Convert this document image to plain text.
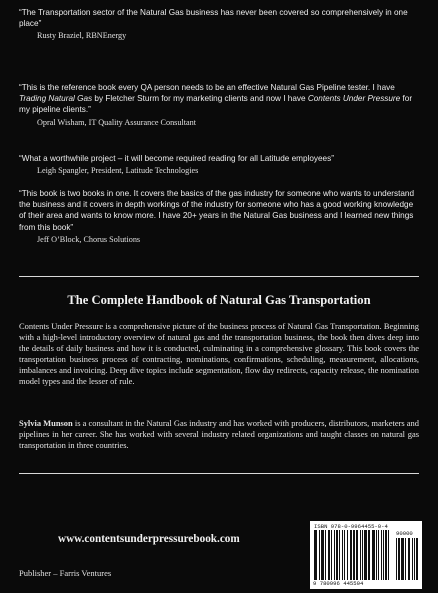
“The Transportation sector of the Natural Gas business has never been covered so comprehensively in one place”

Rusty Braziel, RBNEnergy

“This is the reference book every QA person needs to be an effective Natural Gas Pipeline tester. I have Trading Natural Gas by Fletcher Sturm for my marketing clients and now I have Contents Under Pressure for my pipeline clients.”

Opral Wisham, IT Quality Assurance Consultant

“What a worthwhile project – it will become required reading for all Latitude employees”

Leigh Spangler, President, Latitude Technologies

“This book is two books in one. It covers the basics of the gas industry for someone who wants to understand the business and it covers in depth workings of the industry for someone who has a good working knowledge of their area and wants to know more. I have 20+ years in the Natural Gas business and I learned new things from this book”

Jeff O’Block, Chorus Solutions

The Complete Handbook of Natural Gas Transportation

Contents Under Pressure is a comprehensive picture of the business process of Natural Gas Transportation. Beginning with a high-level introductory overview of natural gas and the transportation business, the book then dives deep into the details of daily business and how it is conducted, culminating in a comprehensive glossary. This book covers the transportation business process of contracting, nominations, confirmations, scheduling, measurement, allocations, imbalances and invoicing. Deep dive topics include segmentation, flow day redirects, capacity release, the nomination model types and the lesser of rule.

Sylvia Munson is a consultant in the Natural Gas industry and has worked with producers, distributors, marketers and pipelines in her career. She has worked with several industry related organizations and taught classes on natural gas transportation in three countries.

www.contentsunderpressurebook.com

Publisher – Farris Ventures

ISBN 978-0-9964455-0-4

90000

9 780996 445504
